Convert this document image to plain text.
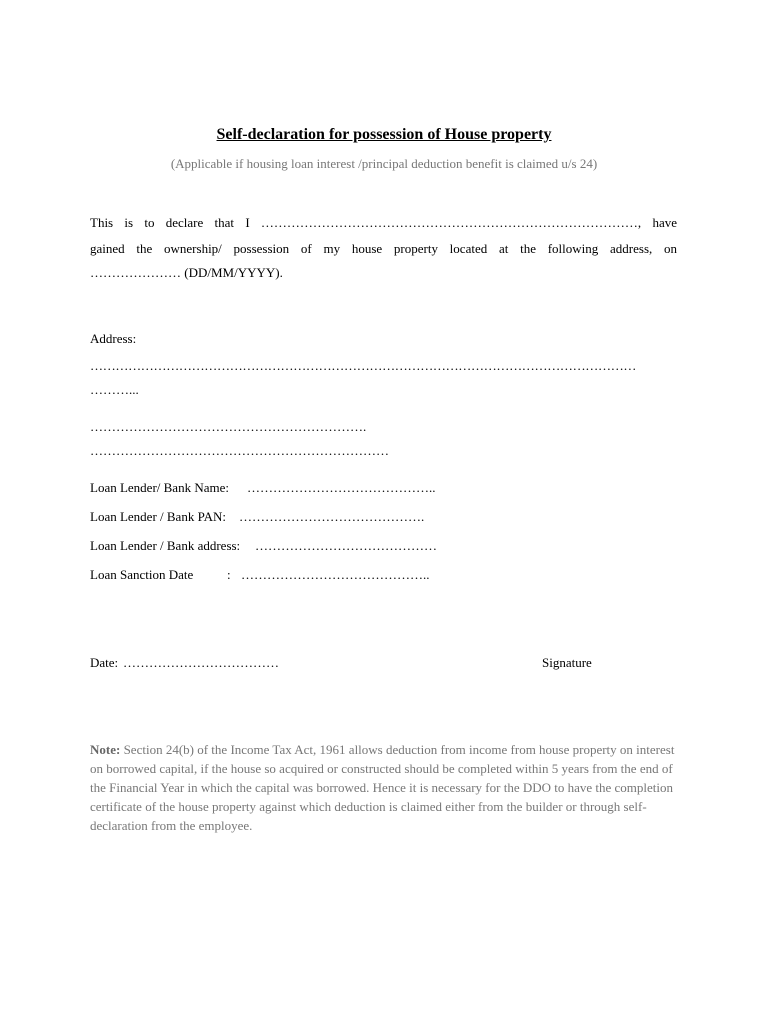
Self-declaration for possession of House property
(Applicable if housing loan interest /principal deduction benefit is claimed u/s 24)
This is to declare that I ……………………………………………………………………………, have
gained the ownership/ possession of my house property located at the following address, on
………………… (DD/MM/YYYY).
Address:
…………………………………………………………………………………………………………………
………...
……………………………………………………….
……………………………………………………………
Loan Lender/ Bank Name: ……………………………………..
Loan Lender / Bank PAN: …………………………………….
Loan Lender / Bank address: ……………………………………
Loan Sanction Date	: ……………………………………..
Date: ………………………………	Signature
Note: Section 24(b) of the Income Tax Act, 1961 allows deduction from income from house property on interest on borrowed capital, if the house so acquired or constructed should be completed within 5 years from the end of the Financial Year in which the capital was borrowed. Hence it is necessary for the DDO to have the completion certificate of the house property against which deduction is claimed either from the builder or through self-declaration from the employee.
